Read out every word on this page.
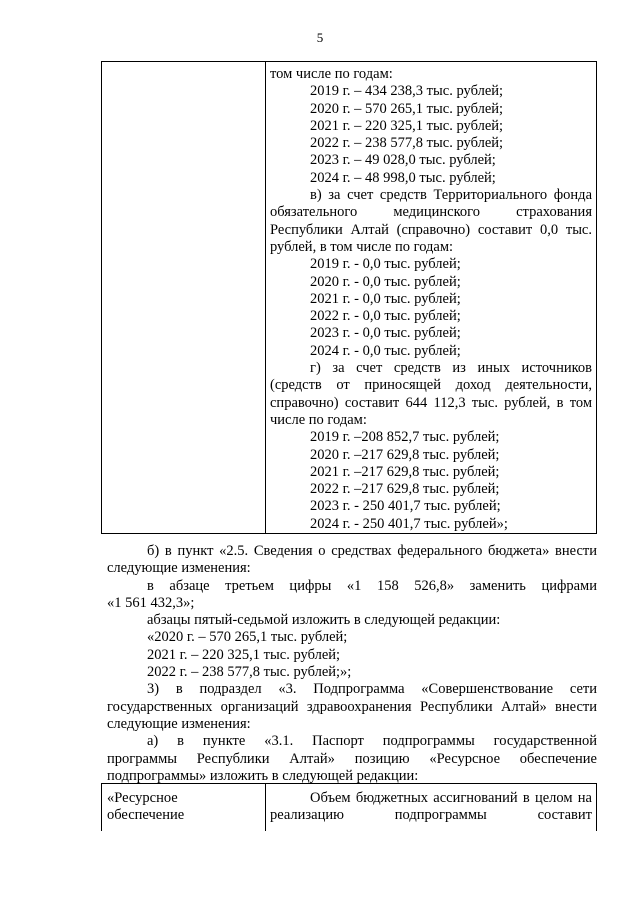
5
том числе по годам:
2019 г. – 434 238,3 тыс. рублей;
2020 г. – 570 265,1 тыс. рублей;
2021 г. – 220 325,1 тыс. рублей;
2022 г. – 238 577,8 тыс. рублей;
2023 г. – 49 028,0 тыс. рублей;
2024 г. – 48 998,0 тыс. рублей;
в) за счет средств Территориального фонда
обязательного медицинского страхования
Республики Алтай (справочно) составит 0,0 тыс.
рублей, в том числе по годам:
2019 г. - 0,0 тыс. рублей;
2020 г. - 0,0 тыс. рублей;
2021 г. - 0,0 тыс. рублей;
2022 г. - 0,0 тыс. рублей;
2023 г. - 0,0 тыс. рублей;
2024 г. - 0,0 тыс. рублей;
г) за счет средств из иных источников
(средств от приносящей доход деятельности,
справочно) составит 644 112,3 тыс. рублей, в том
числе по годам:
2019 г. –208 852,7 тыс. рублей;
2020 г. –217 629,8 тыс. рублей;
2021 г. –217 629,8 тыс. рублей;
2022 г. –217 629,8 тыс. рублей;
2023 г. - 250 401,7 тыс. рублей;
2024 г. - 250 401,7 тыс. рублей»;
б) в пункт «2.5. Сведения о средствах федерального бюджета» внести
следующие изменения:
в абзаце третьем цифры «1 158 526,8» заменить цифрами
«1 561 432,3»;
абзацы пятый-седьмой изложить в следующей редакции:
«2020 г. – 570 265,1 тыс. рублей;
2021 г. – 220 325,1 тыс. рублей;
2022 г. – 238 577,8 тыс. рублей;»;
3) в подраздел «3. Подпрограмма «Совершенствование сети
государственных организаций здравоохранения Республики Алтай» внести
следующие изменения:
а) в пункте «3.1. Паспорт подпрограммы государственной
программы Республики Алтай» позицию «Ресурсное обеспечение
подпрограммы» изложить в следующей редакции:
«Ресурсное
обеспечение
Объем бюджетных ассигнований в целом на
реализацию подпрограммы составит
